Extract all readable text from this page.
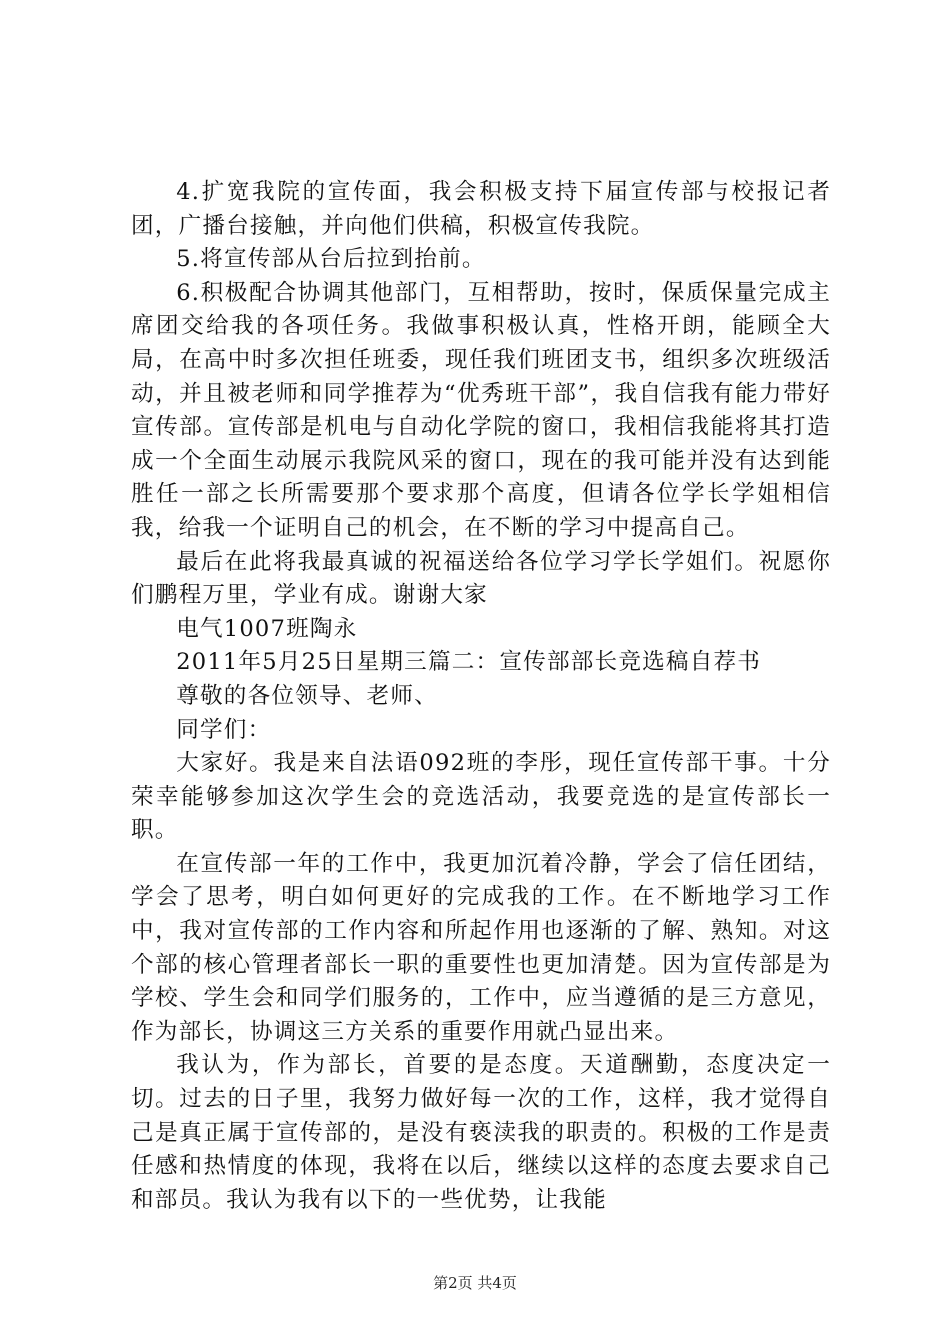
4.扩宽我院的宣传面，我会积极支持下届宣传部与校报记者团，广播台接触，并向他们供稿，积极宣传我院。

5.将宣传部从台后拉到抬前。

6.积极配合协调其他部门，互相帮助，按时，保质保量完成主席团交给我的各项任务。我做事积极认真，性格开朗，能顾全大局，在高中时多次担任班委，现任我们班团支书，组织多次班级活动，并且被老师和同学推荐为“优秀班干部”，我自信我有能力带好宣传部。宣传部是机电与自动化学院的窗口，我相信我能将其打造成一个全面生动展示我院风采的窗口，现在的我可能并没有达到能胜任一部之长所需要那个要求那个高度，但请各位学长学姐相信我，给我一个证明自己的机会，在不断的学习中提高自己。

最后在此将我最真诚的祝福送给各位学习学长学姐们。祝愿你们鹏程万里，学业有成。谢谢大家

电气1007班陶永

2011年5月25日星期三篇二：宣传部部长竞选稿自荐书

尊敬的各位领导、老师、

同学们：

大家好。我是来自法语092班的李彤，现任宣传部干事。十分荣幸能够参加这次学生会的竞选活动，我要竞选的是宣传部长一职。

在宣传部一年的工作中，我更加沉着冷静，学会了信任团结，学会了思考，明白如何更好的完成我的工作。在不断地学习工作中，我对宣传部的工作内容和所起作用也逐渐的了解、熟知。对这个部的核心管理者部长一职的重要性也更加清楚。因为宣传部是为学校、学生会和同学们服务的，工作中，应当遵循的是三方意见，作为部长，协调这三方关系的重要作用就凸显出来。

我认为，作为部长，首要的是态度。天道酬勤，态度决定一切。过去的日子里，我努力做好每一次的工作，这样，我才觉得自己是真正属于宣传部的，是没有亵渎我的职责的。积极的工作是责任感和热情度的体现，我将在以后，继续以这样的态度去要求自己和部员。我认为我有以下的一些优势，让我能

第2页 共4页
